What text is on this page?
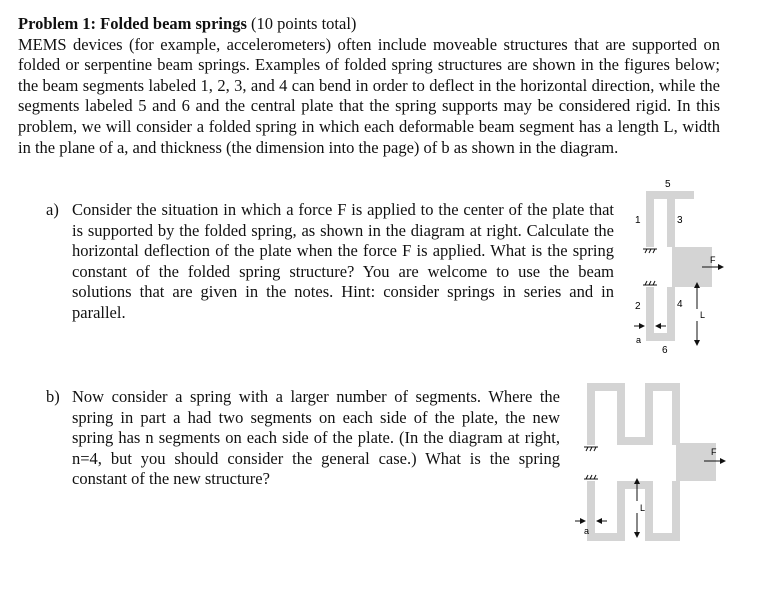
Problem 1: Folded beam springs (10 points total)
MEMS devices (for example, accelerometers) often include moveable structures that are supported on folded or serpentine beam springs. Examples of folded spring structures are shown in the figures below; the beam segments labeled 1, 2, 3, and 4 can bend in order to deflect in the horizontal direction, while the segments labeled 5 and 6 and the central plate that the spring supports may be considered rigid. In this problem, we will consider a folded spring in which each deformable beam segment has a length L, width in the plane of a, and thickness (the dimension into the page) of b as shown in the diagram.
a) Consider the situation in which a force F is applied to the center of the plate that is supported by the folded spring, as shown in the diagram at right. Calculate the horizontal deflection of the plate when the force F is applied. What is the spring constant of the folded spring structure? You are welcome to use the beam solutions that are given in the notes. Hint: consider springs in series and in parallel.
b) Now consider a spring with a larger number of segments. Where the spring in part a had two segments on each side of the plate, the new spring has n segments on each side of the plate. (In the diagram at right, n=4, but you should consider the general case.) What is the spring constant of the new structure?
5
1	3
2	4
6
F
L
a
F
L
a
